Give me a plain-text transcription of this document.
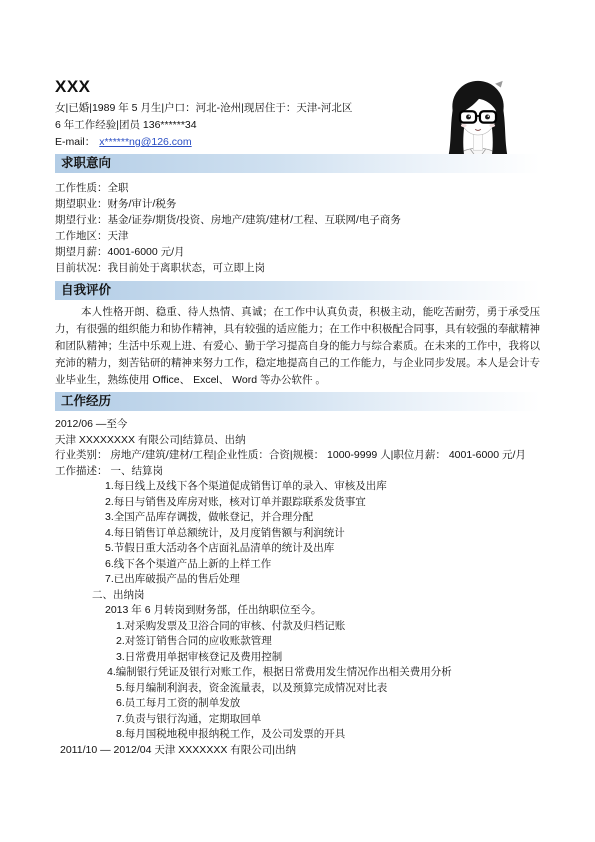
XXX
女|已婚|1989 年 5 月生|户口：河北-沧州|现居住于：天津-河北区
6 年工作经验|团员 136******34
E-mail： x******ng@126.com
求职意向
工作性质：全职
期望职业：财务/审计/税务
期望行业：基金/证券/期货/投资、房地产/建筑/建材/工程、互联网/电子商务
工作地区：天津
期望月薪：4001-6000 元/月
目前状况：我目前处于离职状态，可立即上岗
自我评价
本人性格开朗、稳重、待人热情、真诚；在工作中认真负责，积极主动，能吃苦耐劳，勇于承受压力，有很强的组织能力和协作精神，具有较强的适应能力；在工作中积极配合同事，具有较强的奉献精神和团队精神；生活中乐观上进、有爱心、勤于学习提高自身的能力与综合素质。在未来的工作中，我将以充沛的精力，刻苦钻研的精神来努力工作，稳定地提高自己的工作能力，与企业同步发展。本人是会计专业毕业生，熟练使用 Office、 Excel、 Word 等办公软件 。
工作经历
2012/06 —至今
天津 XXXXXXXX 有限公司|结算员、出纳
行业类别： 房地产/建筑/建材/工程|企业性质：合资|规模： 1000-9999 人|职位月薪： 4001-6000 元/月
工作描述： 一、结算岗
1.每日线上及线下各个渠道促成销售订单的录入、审核及出库
2.每日与销售及库房对账，核对订单并跟踪联系发货事宜
3.全国产品库存调拨，做帐登记，并合理分配
4.每日销售订单总额统计，及月度销售额与利润统计
5.节假日重大活动各个店面礼品清单的统计及出库
6.线下各个渠道产品上新的上样工作
7.已出库破损产品的售后处理
二、出纳岗
2013 年 6 月转岗到财务部，任出纳职位至今。
1.对采购发票及卫浴合同的审核、付款及归档记账
2.对签订销售合同的应收账款管理
3.日常费用单据审核登记及费用控制
4.编制银行凭证及银行对账工作，根据日常费用发生情况作出相关费用分析
5.每月编制利润表，资金流量表，以及预算完成情况对比表
6.员工每月工资的制单发放
7.负责与银行沟通，定期取回单
8.每月国税地税申报纳税工作，及公司发票的开具
2011/10 — 2012/04 天津 XXXXXXX 有限公司|出纳
